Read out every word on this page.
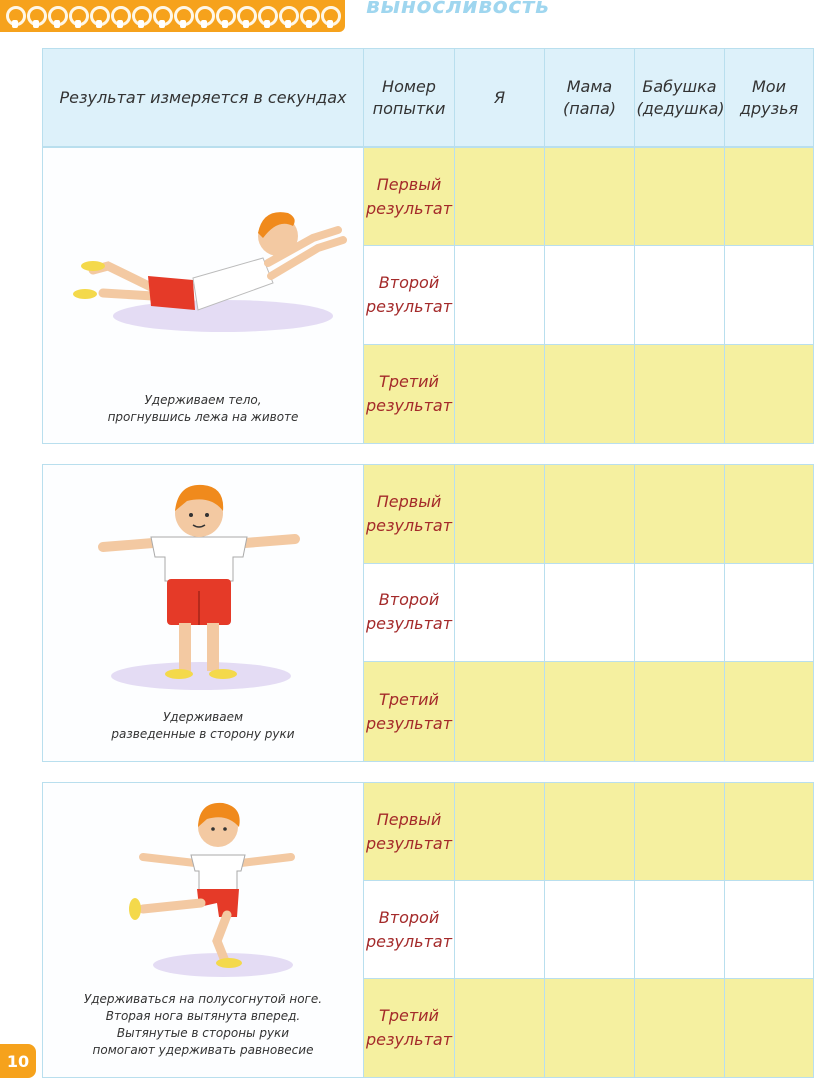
выносливость
Результат измеряется в секундах
Номер попытки
Я
Мама (папа)
Бабушка (дедушка)
Мои друзья
Удерживаем тело,
прогнувшись лежа на животе
Первый результат
Второй результат
Третий результат
Удерживаем
разведенные в сторону руки
Первый результат
Второй результат
Третий результат
Удерживаться на полусогнутой ноге.
Вторая нога вытянута вперед.
Вытянутые в стороны руки
помогают удерживать равновесие
Первый результат
Второй результат
Третий результат
10
